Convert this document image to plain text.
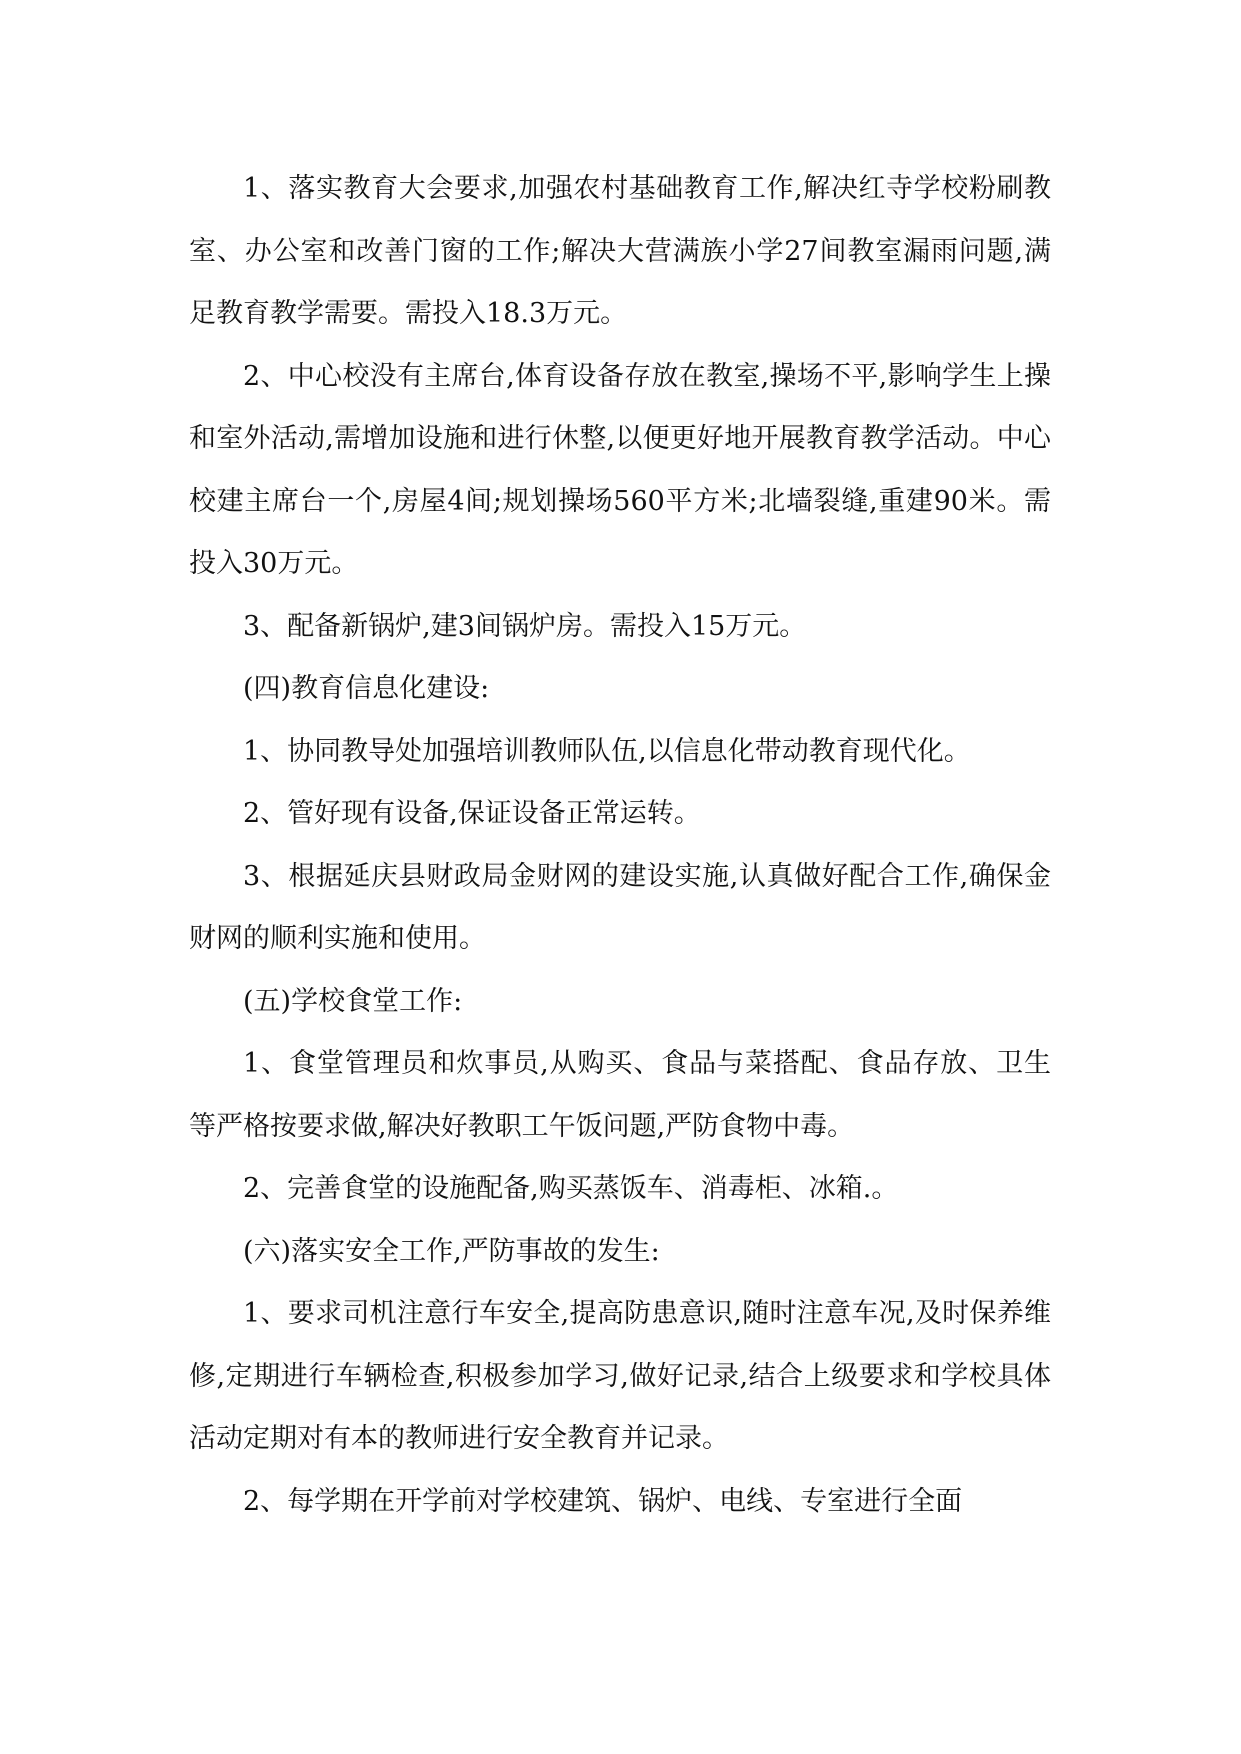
1、落实教育大会要求,加强农村基础教育工作,解决红寺学校粉刷教室、办公室和改善门窗的工作;解决大营满族小学27间教室漏雨问题,满足教育教学需要。需投入18.3万元。

2、中心校没有主席台,体育设备存放在教室,操场不平,影响学生上操和室外活动,需增加设施和进行休整,以便更好地开展教育教学活动。中心校建主席台一个,房屋4间;规划操场560平方米;北墙裂缝,重建90米。需投入30万元。

3、配备新锅炉,建3间锅炉房。需投入15万元。

(四)教育信息化建设:

1、协同教导处加强培训教师队伍,以信息化带动教育现代化。

2、管好现有设备,保证设备正常运转。

3、根据延庆县财政局金财网的建设实施,认真做好配合工作,确保金财网的顺利实施和使用。

(五)学校食堂工作:

1、食堂管理员和炊事员,从购买、食品与菜搭配、食品存放、卫生等严格按要求做,解决好教职工午饭问题,严防食物中毒。

2、完善食堂的设施配备,购买蒸饭车、消毒柜、冰箱.。

(六)落实安全工作,严防事故的发生:

1、要求司机注意行车安全,提高防患意识,随时注意车况,及时保养维修,定期进行车辆检查,积极参加学习,做好记录,结合上级要求和学校具体活动定期对有本的教师进行安全教育并记录。

2、每学期在开学前对学校建筑、锅炉、电线、专室进行全面
